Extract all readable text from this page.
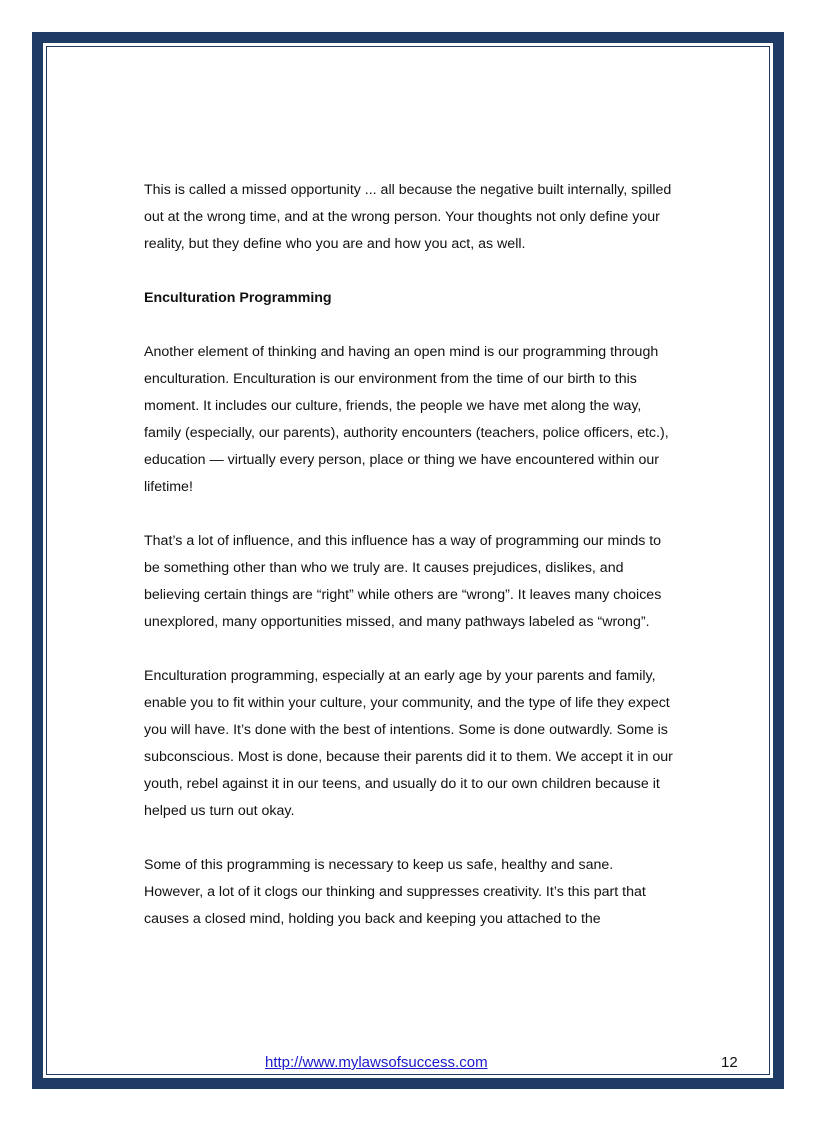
This is called a missed opportunity ... all because the negative built internally, spilled out at the wrong time, and at the wrong person. Your thoughts not only define your reality, but they define who you are and how you act, as well.

Enculturation Programming

Another element of thinking and having an open mind is our programming through enculturation. Enculturation is our environment from the time of our birth to this moment. It includes our culture, friends, the people we have met along the way, family (especially, our parents), authority encounters (teachers, police officers, etc.), education — virtually every person, place or thing we have encountered within our lifetime!

That’s a lot of influence, and this influence has a way of programming our minds to be something other than who we truly are. It causes prejudices, dislikes, and believing certain things are “right” while others are “wrong”. It leaves many choices unexplored, many opportunities missed, and many pathways labeled as “wrong”.

Enculturation programming, especially at an early age by your parents and family, enable you to fit within your culture, your community, and the type of life they expect you will have. It’s done with the best of intentions. Some is done outwardly. Some is subconscious. Most is done, because their parents did it to them. We accept it in our youth, rebel against it in our teens, and usually do it to our own children because it helped us turn out okay.

Some of this programming is necessary to keep us safe, healthy and sane. However, a lot of it clogs our thinking and suppresses creativity. It’s this part that causes a closed mind, holding you back and keeping you attached to the

http://www.mylawsofsuccess.com	12
